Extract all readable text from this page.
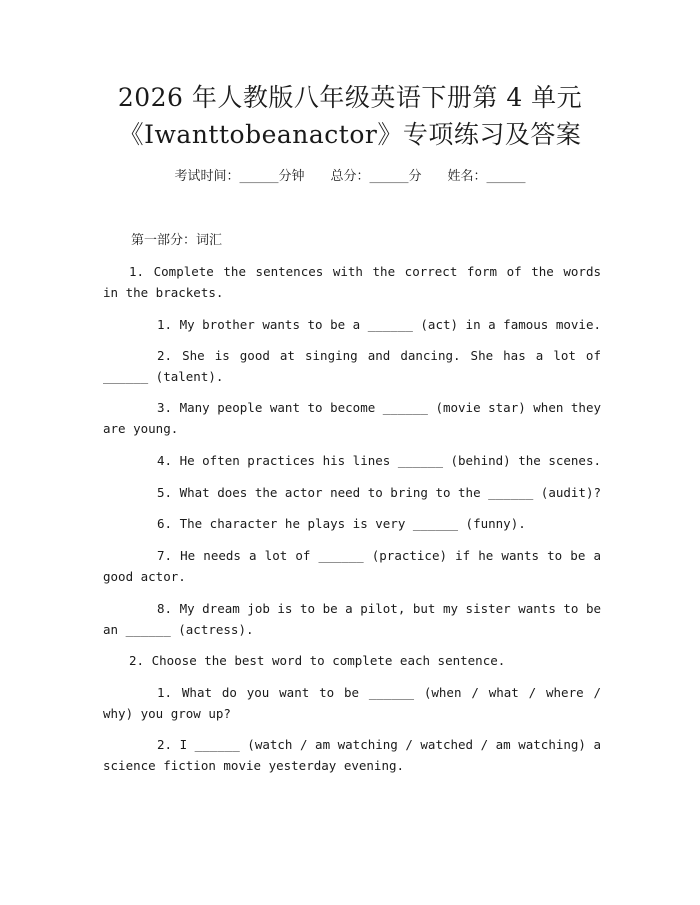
2026 年人教版八年级英语下册第 4 单元
《Iwanttobeanactor》专项练习及答案
考试时间：______分钟 总分：______分 姓名：______
第一部分：词汇

1. Complete the sentences with the correct form of the words in the brackets.

1. My brother wants to be a ______ (act) in a famous movie.

2. She is good at singing and dancing. She has a lot of ______ (talent).

3. Many people want to become ______ (movie star) when they are young.

4. He often practices his lines ______ (behind) the scenes.

5. What does the actor need to bring to the ______ (audit)?

6. The character he plays is very ______ (funny).

7. He needs a lot of ______ (practice) if he wants to be a good actor.

8. My dream job is to be a pilot, but my sister wants to be an ______ (actress).

2. Choose the best word to complete each sentence.

1. What do you want to be ______ (when / what / where / why) you grow up?

2. I ______ (watch / am watching / watched / am watching) a science fiction movie yesterday evening.
